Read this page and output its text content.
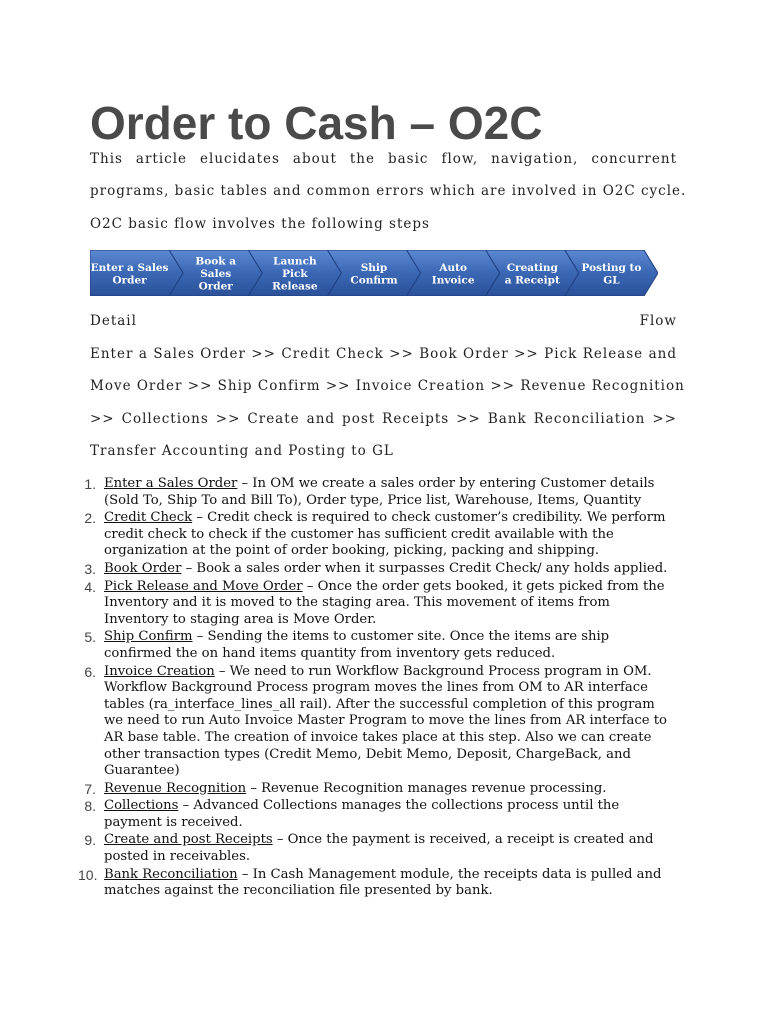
Order to Cash – O2C

This article elucidates about the basic flow, navigation, concurrent

programs, basic tables and common errors which are involved in O2C cycle.

O2C basic flow involves the following steps

Enter a Sales Order
Book a Sales Order
Launch Pick Release
Ship Confirm
Auto Invoice
Creating a Receipt
Posting to GL

Detail	Flow

Enter a Sales Order >> Credit Check >> Book Order >> Pick Release and

Move Order >> Ship Confirm >> Invoice Creation >> Revenue Recognition

>> Collections >> Create and post Receipts >> Bank Reconciliation >>

Transfer Accounting and Posting to GL

1. Enter a Sales Order – In OM we create a sales order by entering Customer details (Sold To, Ship To and Bill To), Order type, Price list, Warehouse, Items, Quantity
2. Credit Check – Credit check is required to check customer’s credibility. We perform credit check to check if the customer has sufficient credit available with the organization at the point of order booking, picking, packing and shipping.
3. Book Order – Book a sales order when it surpasses Credit Check/ any holds applied.
4. Pick Release and Move Order – Once the order gets booked, it gets picked from the Inventory and it is moved to the staging area. This movement of items from Inventory to staging area is Move Order.
5. Ship Confirm – Sending the items to customer site. Once the items are ship confirmed the on hand items quantity from inventory gets reduced.
6. Invoice Creation – We need to run Workflow Background Process program in OM. Workflow Background Process program moves the lines from OM to AR interface tables (ra_interface_lines_all rail). After the successful completion of this program we need to run Auto Invoice Master Program to move the lines from AR interface to AR base table. The creation of invoice takes place at this step. Also we can create other transaction types (Credit Memo, Debit Memo, Deposit, ChargeBack, and Guarantee)
7. Revenue Recognition – Revenue Recognition manages revenue processing.
8. Collections – Advanced Collections manages the collections process until the payment is received.
9. Create and post Receipts – Once the payment is received, a receipt is created and posted in receivables.
10. Bank Reconciliation – In Cash Management module, the receipts data is pulled and matches against the reconciliation file presented by bank.
